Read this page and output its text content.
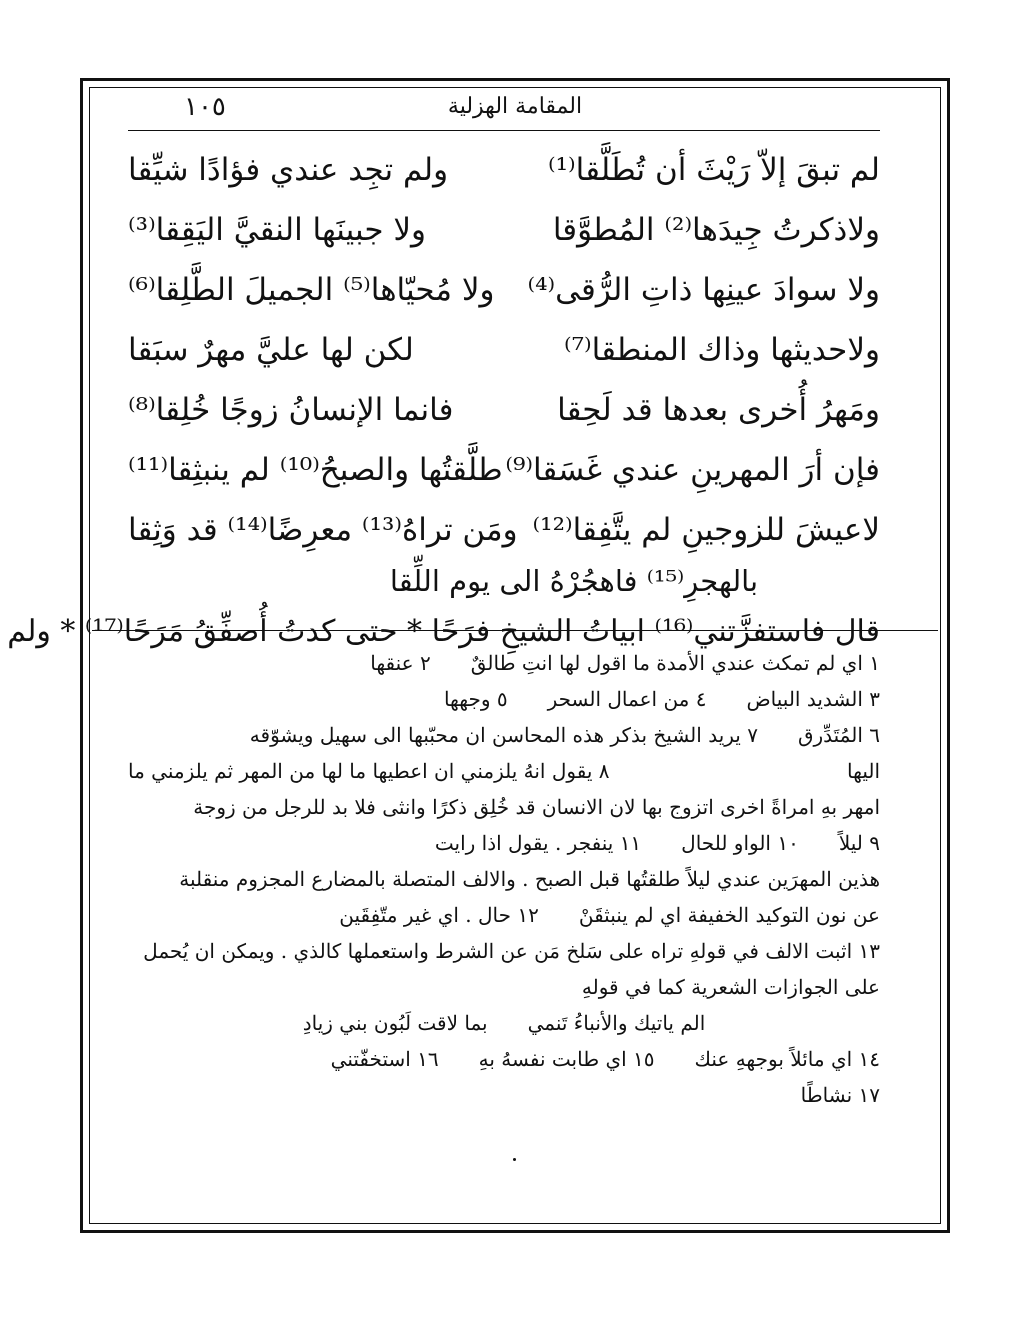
المقامة الهزلية
١٠٥
لم تبقَ إلاّ رَيْثَ أن تُطَلَّقا⁽¹⁾
ولم تجِد عندي فؤادًا شيِّقا
ولاذكرتُ جِيدَها⁽²⁾ المُطوَّقا
ولا جبينَها النقيَّ اليَقِقا⁽³⁾
ولا سوادَ عينِها ذاتِ الرُّقى⁽⁴⁾
ولا مُحيّاها⁽⁵⁾ الجميلَ الطَّلِقا⁽⁶⁾
ولاحديثها وذاك المنطقا⁽⁷⁾
لكن لها عليَّ مهرٌ سبَقا
ومَهرُ أُخرى بعدها قد لَحِقا
فانما الإنسانُ زوجًا خُلِقا⁽⁸⁾
فإن أرَ المهرينِ عندي غَسَقا⁽⁹⁾
طلَّقتُها والصبحُ⁽¹⁰⁾ لم ينبثِقا⁽¹¹⁾
لاعيشَ للزوجينِ لم يتَّفِقا⁽¹²⁾
ومَن تراهُ⁽¹³⁾ معرِضًا⁽¹⁴⁾ قد وَثِقا
بالهجرِ⁽¹⁵⁾ فاهجُرْهُ الى يوم اللِّقا
قال فاستفزَّتني⁽¹⁶⁾ ابياتُ الشيخِ فرَحًا * حتى كدتُ أُصفِّقُ مَرَحًا⁽¹⁷⁾ * ولم
١ اي لم تمكث عندي الأمدة ما اقول لها انتِ طالقٌ
٢ عنقها
٣ الشديد البياض
٤ من اعمال السحر
٥ وجهها
٦ المُتَدِّرق
٧ يريد الشيخ بذكر هذه المحاسن ان محبّبها الى سهيل ويشوّقه
اليها
٨ يقول انهُ يلزمني ان اعطيها ما لها من المهر ثم يلزمني ما
امهر بهِ امراةً اخرى اتزوج بها لان الانسان قد خُلِق ذكرًا وانثى فلا بد للرجل من زوجة
٩ ليلاً
١٠ الواو للحال
١١ ينفجر . يقول اذا رايت
هذين المهرَين عندي ليلاً طلقتُها قبل الصبح . والالف المتصلة بالمضارع المجزوم منقلبة
عن نون التوكيد الخفيفة اي لم ينبثقَنْ
١٢ حال . اي غير متّفِقَين
١٣ اثبت الالف في قولهِ تراه على سَلخ مَن عن الشرط واستعملها كالذي . ويمكن ان يُحمل
على الجوازات الشعرية كما في قولهِ
الم ياتيك والأنباءُ تَنمي
بما لاقت لَبُون بني زيادِ
١٤ اي مائلاً بوجههِ عنك
١٥ اي طابت نفسهُ بهِ
١٦ استخفّتني
١٧ نشاطًا
